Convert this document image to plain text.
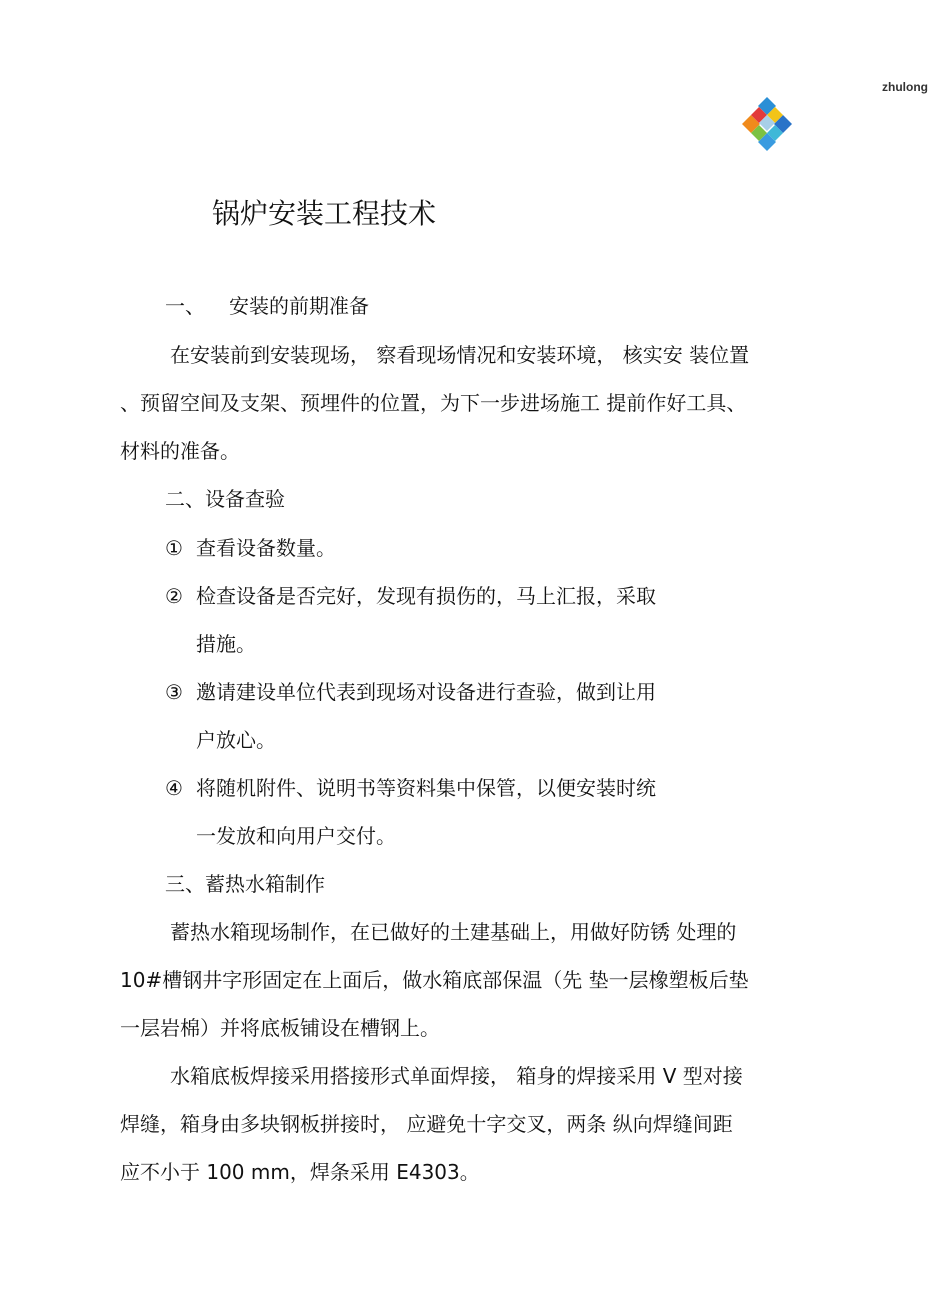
zhulong
锅炉安装工程技术
一、 安装的前期准备
在安装前到安装现场， 察看现场情况和安装环境， 核实安 装位置
、预留空间及支架、预埋件的位置，为下一步进场施工 提前作好工具、
材料的准备。
二、设备查验
① 查看设备数量。
② 检查设备是否完好，发现有损伤的，马上汇报，采取
措施。
③ 邀请建设单位代表到现场对设备进行查验，做到让用
户放心。
④ 将随机附件、说明书等资料集中保管，以便安装时统
一发放和向用户交付。
三、蓄热水箱制作
蓄热水箱现场制作，在已做好的土建基础上，用做好防锈 处理的
10#槽钢井字形固定在上面后，做水箱底部保温（先 垫一层橡塑板后垫
一层岩棉）并将底板铺设在槽钢上。
水箱底板焊接采用搭接形式单面焊接， 箱身的焊接采用 V 型对接
焊缝，箱身由多块钢板拼接时， 应避免十字交叉，两条 纵向焊缝间距
应不小于 100 mm，焊条采用 E4303。
